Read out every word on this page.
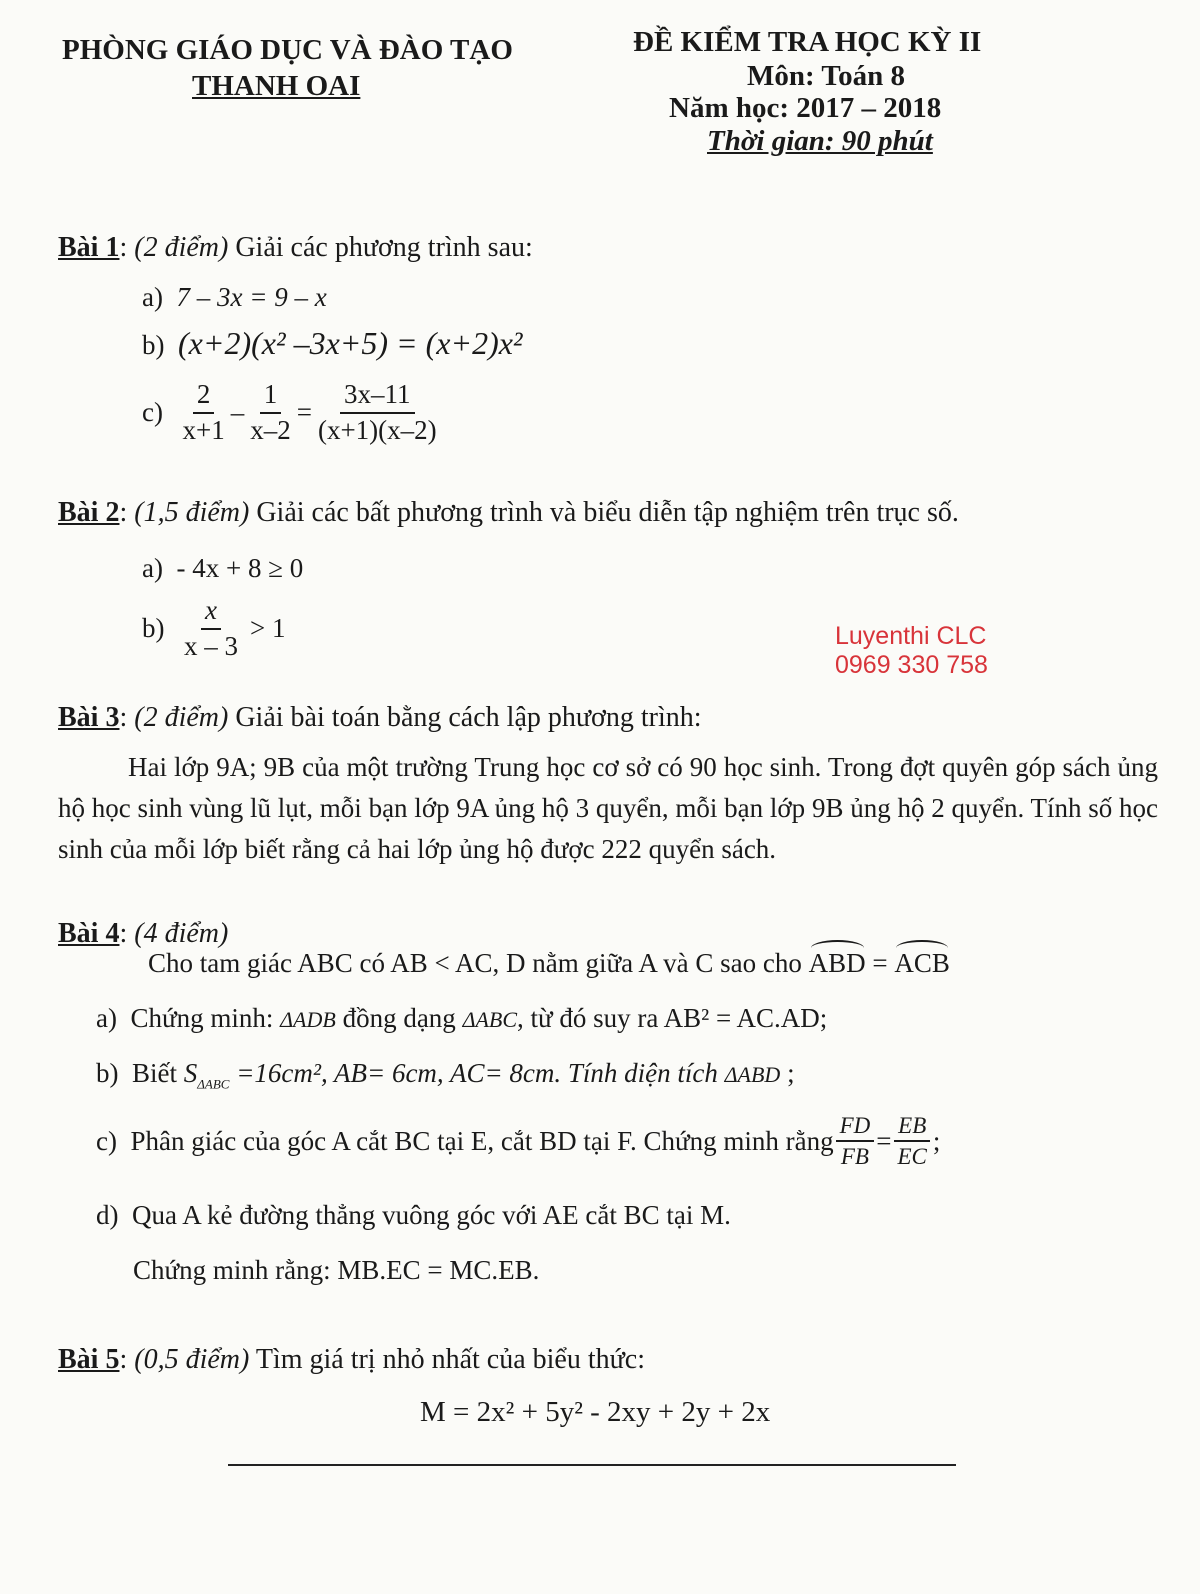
PHÒNG GIÁO DỤC VÀ ĐÀO TẠO
THANH OAI
ĐỀ KIỂM TRA HỌC KỲ II
Môn: Toán 8
Năm học: 2017 – 2018
Thời gian: 90 phút
Bài 1: (2 điểm) Giải các phương trình sau:
a) 7 – 3x = 9 – x
b) (x+2)(x² –3x+5) = (x+2)x²
c)
$\frac{2}{x+1} - \frac{1}{x-2} = \frac{3x-11}{(x+1)(x-2)}$
Bài 2: (1,5 điểm) Giải các bất phương trình và biểu diễn tập nghiệm trên trục số.
a) - 4x + 8 ≥ 0
b)
$\frac{x}{x - 3} > 1$	Luyenthi CLC
0969 330 758
Bài 3: (2 điểm) Giải bài toán bằng cách lập phương trình:
Hai lớp 9A; 9B của một trường Trung học cơ sở có 90 học sinh. Trong đợt quyên góp sách ủng hộ học sinh vùng lũ lụt, mỗi bạn lớp 9A ủng hộ 3 quyển, mỗi bạn lớp 9B ủng hộ 2 quyển. Tính số học sinh của mỗi lớp biết rằng cả hai lớp ủng hộ được 222 quyển sách.
Bài 4: (4 điểm)
Cho tam giác ABC có AB < AC, D nằm giữa A và C sao cho ABD = ACB
a) Chứng minh: ΔADB đồng dạng ΔABC, từ đó suy ra AB² = AC.AD;
b) Biết $S_{\Delta ABC} =16cm^2$, AB= 6cm, AC= 8cm. Tính diện tích ΔABD ;
c)
Phân giác của góc A cắt BC tại E, cắt BD tại F. Chứng minh rằng $\frac{FD}{FB} = \frac{EB}{EC}$ ;
d) Qua A kẻ đường thẳng vuông góc với AE cắt BC tại M.
Chứng minh rằng: MB.EC = MC.EB.
Bài 5: (0,5 điểm) Tìm giá trị nhỏ nhất của biểu thức:
M = 2x² + 5y² - 2xy + 2y + 2x
